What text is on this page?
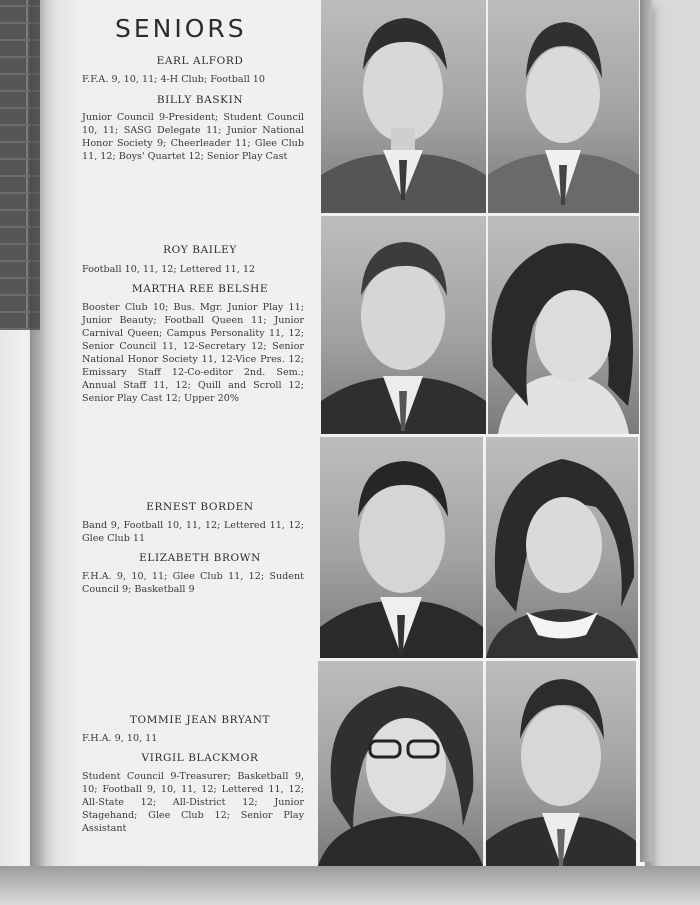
SENIORS
EARL ALFORD
F.F.A. 9, 10, 11; 4-H Club; Football 10
BILLY BASKIN
Junior Council 9-President; Student Council 10, 11; SASG Delegate 11; Junior National Honor Society 9; Cheerleader 11; Glee Club 11, 12; Boys' Quartet 12; Senior Play Cast
ROY BAILEY
Football 10, 11, 12; Lettered 11, 12
MARTHA REE BELSHE
Booster Club 10; Bus. Mgr. Junior Play 11; Junior Beauty; Football Queen 11; Junior Carnival Queen; Campus Personality 11, 12; Senior Council 11, 12-Secretary 12; Senior National Honor Society 11, 12-Vice Pres. 12; Emissary Staff 12-Co-editor 2nd. Sem.; Annual Staff 11, 12; Quill and Scroll 12; Senior Play Cast 12; Upper 20%
ERNEST BORDEN
Band 9, Football 10, 11, 12; Lettered 11, 12; Glee Club 11
ELIZABETH BROWN
F.H.A. 9, 10, 11; Glee Club 11, 12; Sudent Council 9; Basketball 9
TOMMIE JEAN BRYANT
F.H.A. 9, 10, 11
VIRGIL BLACKMOR
Student Council 9-Treasurer; Basketball 9, 10; Football 9, 10, 11, 12; Lettered 11, 12; All-State 12; All-District 12; Junior Stagehand; Glee Club 12; Senior Play Assistant
